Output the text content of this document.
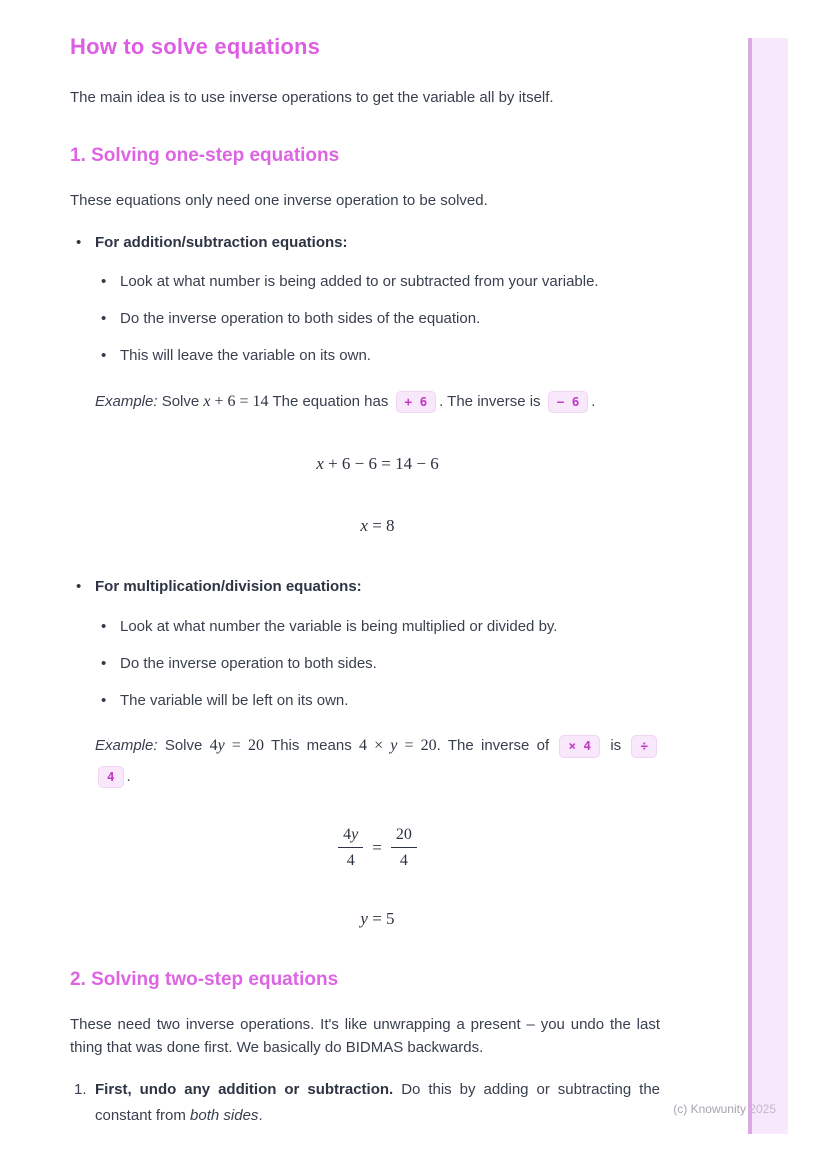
How to solve equations

The main idea is to use inverse operations to get the variable all by itself.

1. Solving one-step equations

These equations only need one inverse operation to be solved.

• For addition/subtraction equations:
• Look at what number is being added to or subtracted from your variable.
• Do the inverse operation to both sides of the equation.
• This will leave the variable on its own.

Example: Solve x + 6 = 14 The equation has + 6 . The inverse is − 6 .

x + 6 − 6 = 14 − 6
x = 8
• For multiplication/division equations:
• Look at what number the variable is being multiplied or divided by.
• Do the inverse operation to both sides.
• The variable will be left on its own.
Example: Solve 4y = 20 This means 4 × y = 20. The inverse of × 4 is ÷
4 .
$\frac{4y}{4} = \frac{20}{4}$
y = 5
2. Solving two-step equations

These need two inverse operations. It's like unwrapping a present – you undo the last thing that was done first. We basically do BIDMAS backwards.

1. First, undo any addition or subtraction. Do this by adding or subtracting the constant from both sides.	(c) Knowunity 2025
